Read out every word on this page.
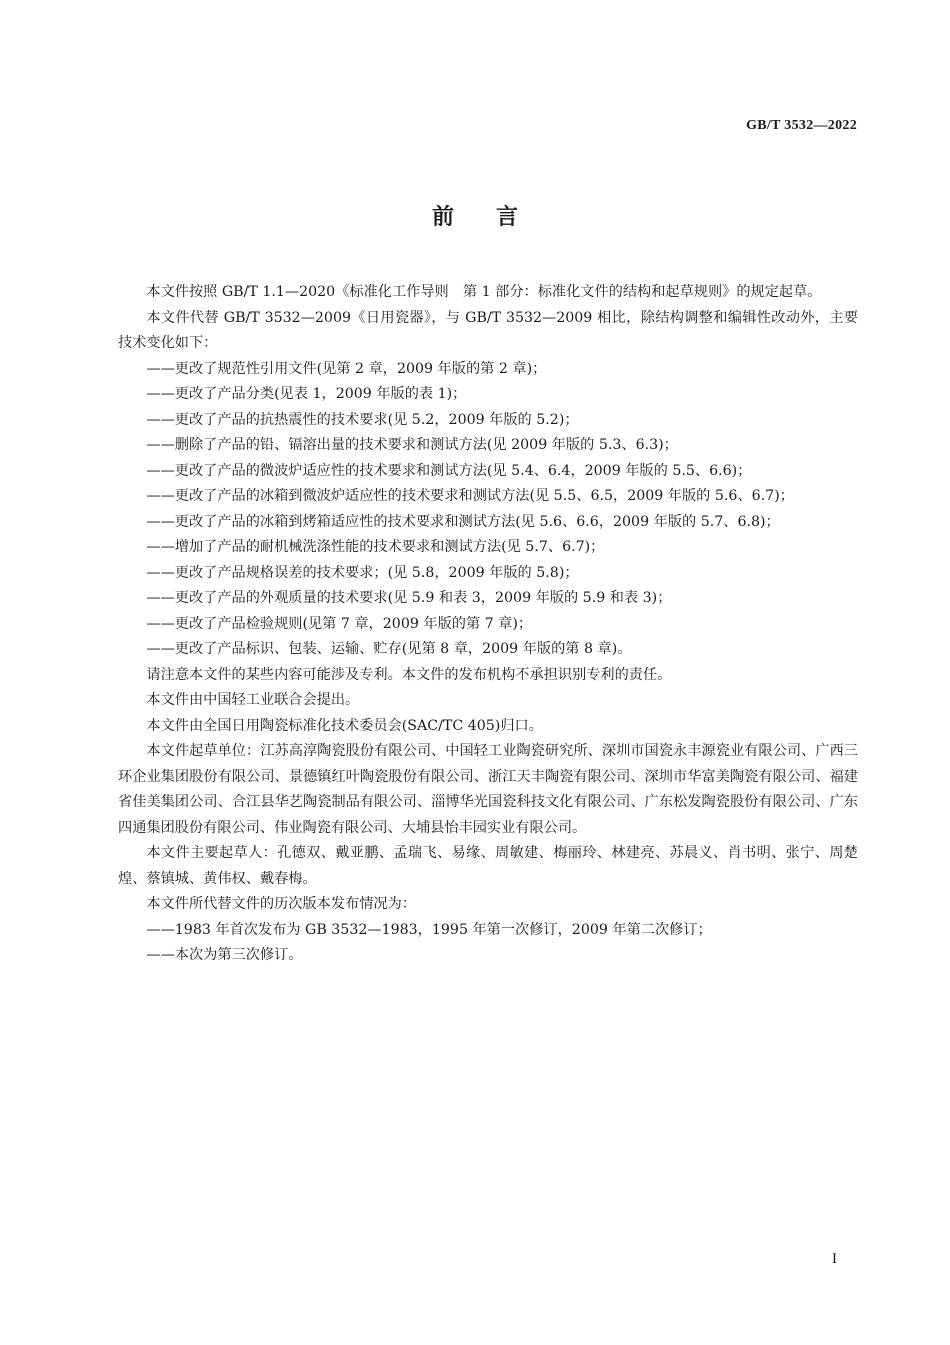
GB/T 3532—2022
前言

本文件按照 GB/T 1.1—2020《标准化工作导则　第 1 部分：标准化文件的结构和起草规则》的规定起草。

本文件代替 GB/T 3532—2009《日用瓷器》，与 GB/T 3532—2009 相比，除结构调整和编辑性改动外，主要技术变化如下：

——更改了规范性引用文件(见第 2 章，2009 年版的第 2 章)；

——更改了产品分类(见表 1，2009 年版的表 1)；

——更改了产品的抗热震性的技术要求(见 5.2，2009 年版的 5.2)；

——删除了产品的铅、镉溶出量的技术要求和测试方法(见 2009 年版的 5.3、6.3)；

——更改了产品的微波炉适应性的技术要求和测试方法(见 5.4、6.4，2009 年版的 5.5、6.6)；

——更改了产品的冰箱到微波炉适应性的技术要求和测试方法(见 5.5、6.5，2009 年版的 5.6、6.7)；

——更改了产品的冰箱到烤箱适应性的技术要求和测试方法(见 5.6、6.6，2009 年版的 5.7、6.8)；

——增加了产品的耐机械洗涤性能的技术要求和测试方法(见 5.7、6.7)；

——更改了产品规格误差的技术要求；(见 5.8，2009 年版的 5.8)；

——更改了产品的外观质量的技术要求(见 5.9 和表 3，2009 年版的 5.9 和表 3)；

——更改了产品检验规则(见第 7 章，2009 年版的第 7 章)；

——更改了产品标识、包装、运输、贮存(见第 8 章，2009 年版的第 8 章)。

请注意本文件的某些内容可能涉及专利。本文件的发布机构不承担识别专利的责任。

本文件由中国轻工业联合会提出。

本文件由全国日用陶瓷标准化技术委员会(SAC/TC 405)归口。

本文件起草单位：江苏高淳陶瓷股份有限公司、中国轻工业陶瓷研究所、深圳市国瓷永丰源瓷业有限公司、广西三环企业集团股份有限公司、景德镇红叶陶瓷股份有限公司、浙江天丰陶瓷有限公司、深圳市华富美陶瓷有限公司、福建省佳美集团公司、合江县华艺陶瓷制品有限公司、淄博华光国瓷科技文化有限公司、广东松发陶瓷股份有限公司、广东四通集团股份有限公司、伟业陶瓷有限公司、大埔县怡丰园实业有限公司。

本文件主要起草人：孔德双、戴亚鹏、孟瑞飞、易缘、周敏建、梅丽玲、林建亮、苏晨义、肖书明、张宁、周楚煌、蔡镇城、黄伟权、戴春梅。

本文件所代替文件的历次版本发布情况为：

——1983 年首次发布为 GB 3532—1983，1995 年第一次修订，2009 年第二次修订；

——本次为第三次修订。

I
